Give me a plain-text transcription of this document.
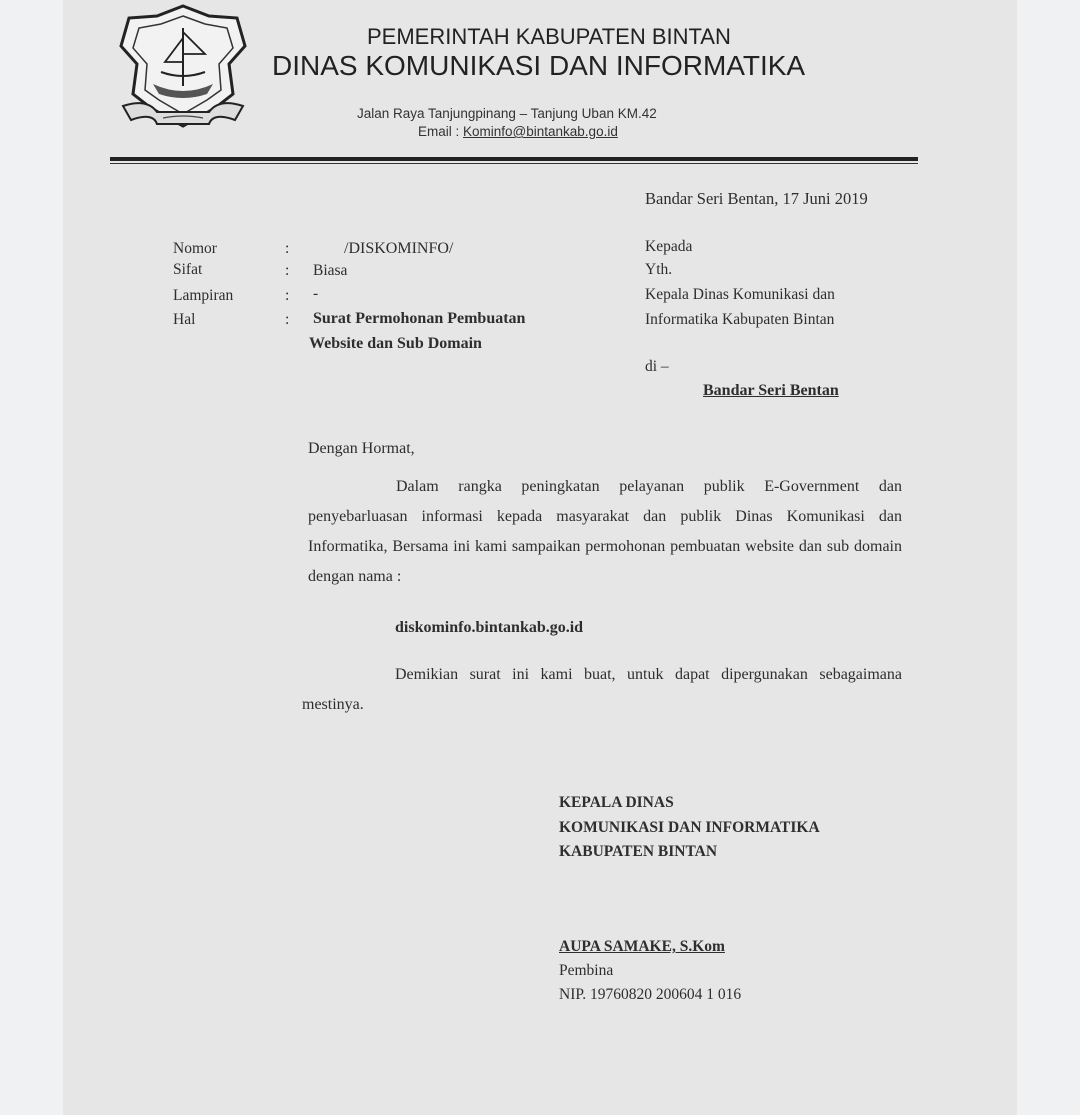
PEMERINTAH KABUPATEN BINTAN
DINAS KOMUNIKASI DAN INFORMATIKA
Jalan Raya Tanjungpinang – Tanjung Uban KM.42
Email : Kominfo@bintankab.go.id
Bandar Seri Bentan, 17 Juni 2019
Nomor
Sifat
Lampiran
Hal
:
:
:
:
/DISKOMINFO/
Biasa
-
Surat Permohonan Pembuatan
Website dan Sub Domain
Kepada
Yth.
Kepala Dinas Komunikasi dan
Informatika Kabupaten Bintan
di –
Bandar Seri Bentan
Dengan Hormat,
Dalam rangka peningkatan pelayanan publik E-Government dan penyebarluasan informasi kepada masyarakat dan publik Dinas Komunikasi dan Informatika, Bersama ini kami sampaikan permohonan pembuatan website dan sub domain dengan nama :
diskominfo.bintankab.go.id
Demikian surat ini kami buat, untuk dapat dipergunakan sebagaimana mestinya.
KEPALA DINAS
KOMUNIKASI DAN INFORMATIKA
KABUPATEN BINTAN
AUPA SAMAKE, S.Kom
Pembina
NIP. 19760820 200604 1 016
